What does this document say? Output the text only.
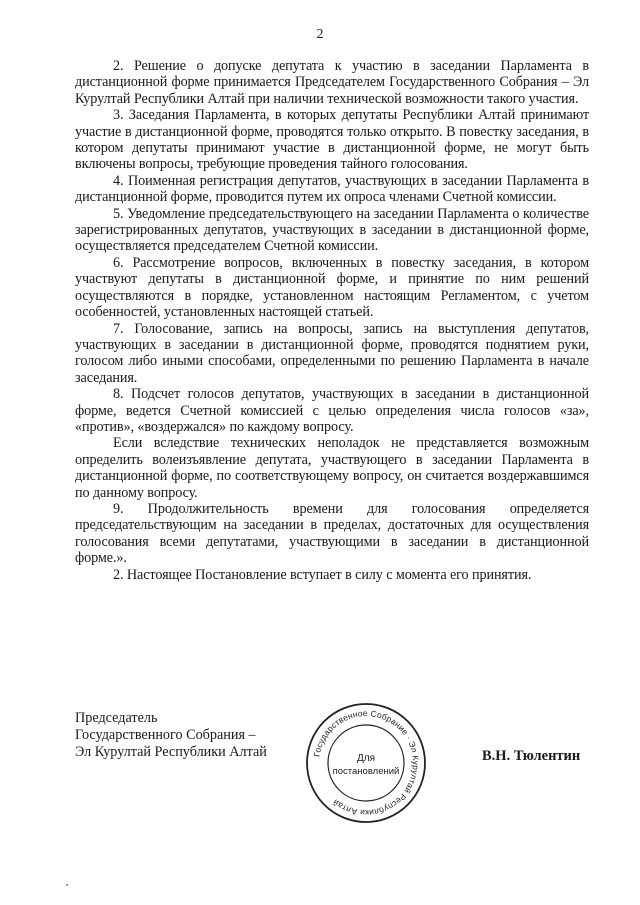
2

2. Решение о допуске депутата к участию в заседании Парламента в дистанционной форме принимается Председателем Государственного Собрания – Эл Курултай Республики Алтай при наличии технической возможности такого участия.

3. Заседания Парламента, в которых депутаты Республики Алтай принимают участие в дистанционной форме, проводятся только открыто. В повестку заседания, в котором депутаты принимают участие в дистанционной форме, не могут быть включены вопросы, требующие проведения тайного голосования.

4. Поименная регистрация депутатов, участвующих в заседании Парламента в дистанционной форме, проводится путем их опроса членами Счетной комиссии.

5. Уведомление председательствующего на заседании Парламента о количестве зарегистрированных депутатов, участвующих в заседании в дистанционной форме, осуществляется председателем Счетной комиссии.

6. Рассмотрение вопросов, включенных в повестку заседания, в котором участвуют депутаты в дистанционной форме, и принятие по ним решений осуществляются в порядке, установленном настоящим Регламентом, с учетом особенностей, установленных настоящей статьей.

7. Голосование, запись на вопросы, запись на выступления депутатов, участвующих в заседании в дистанционной форме, проводятся поднятием руки, голосом либо иными способами, определенными по решению Парламента в начале заседания.

8. Подсчет голосов депутатов, участвующих в заседании в дистанционной форме, ведется Счетной комиссией с целью определения числа голосов «за», «против», «воздержался» по каждому вопросу.

Если вследствие технических неполадок не представляется возможным определить волеизъявление депутата, участвующего в заседании Парламента в дистанционной форме, по соответствующему вопросу, он считается воздержавшимся по данному вопросу.

9. Продолжительность времени для голосования определяется председательствующим на заседании в пределах, достаточных для осуществления голосования всеми депутатами, участвующими в заседании в дистанционной форме.».

2. Настоящее Постановление вступает в силу с момента его принятия.

Председатель
Государственного Собрания –
Эл Курултай Республики Алтай	Государственное Собрание · Эл Курултай Республики Алтай
Для
постановлений
В.Н. Тюлентин
